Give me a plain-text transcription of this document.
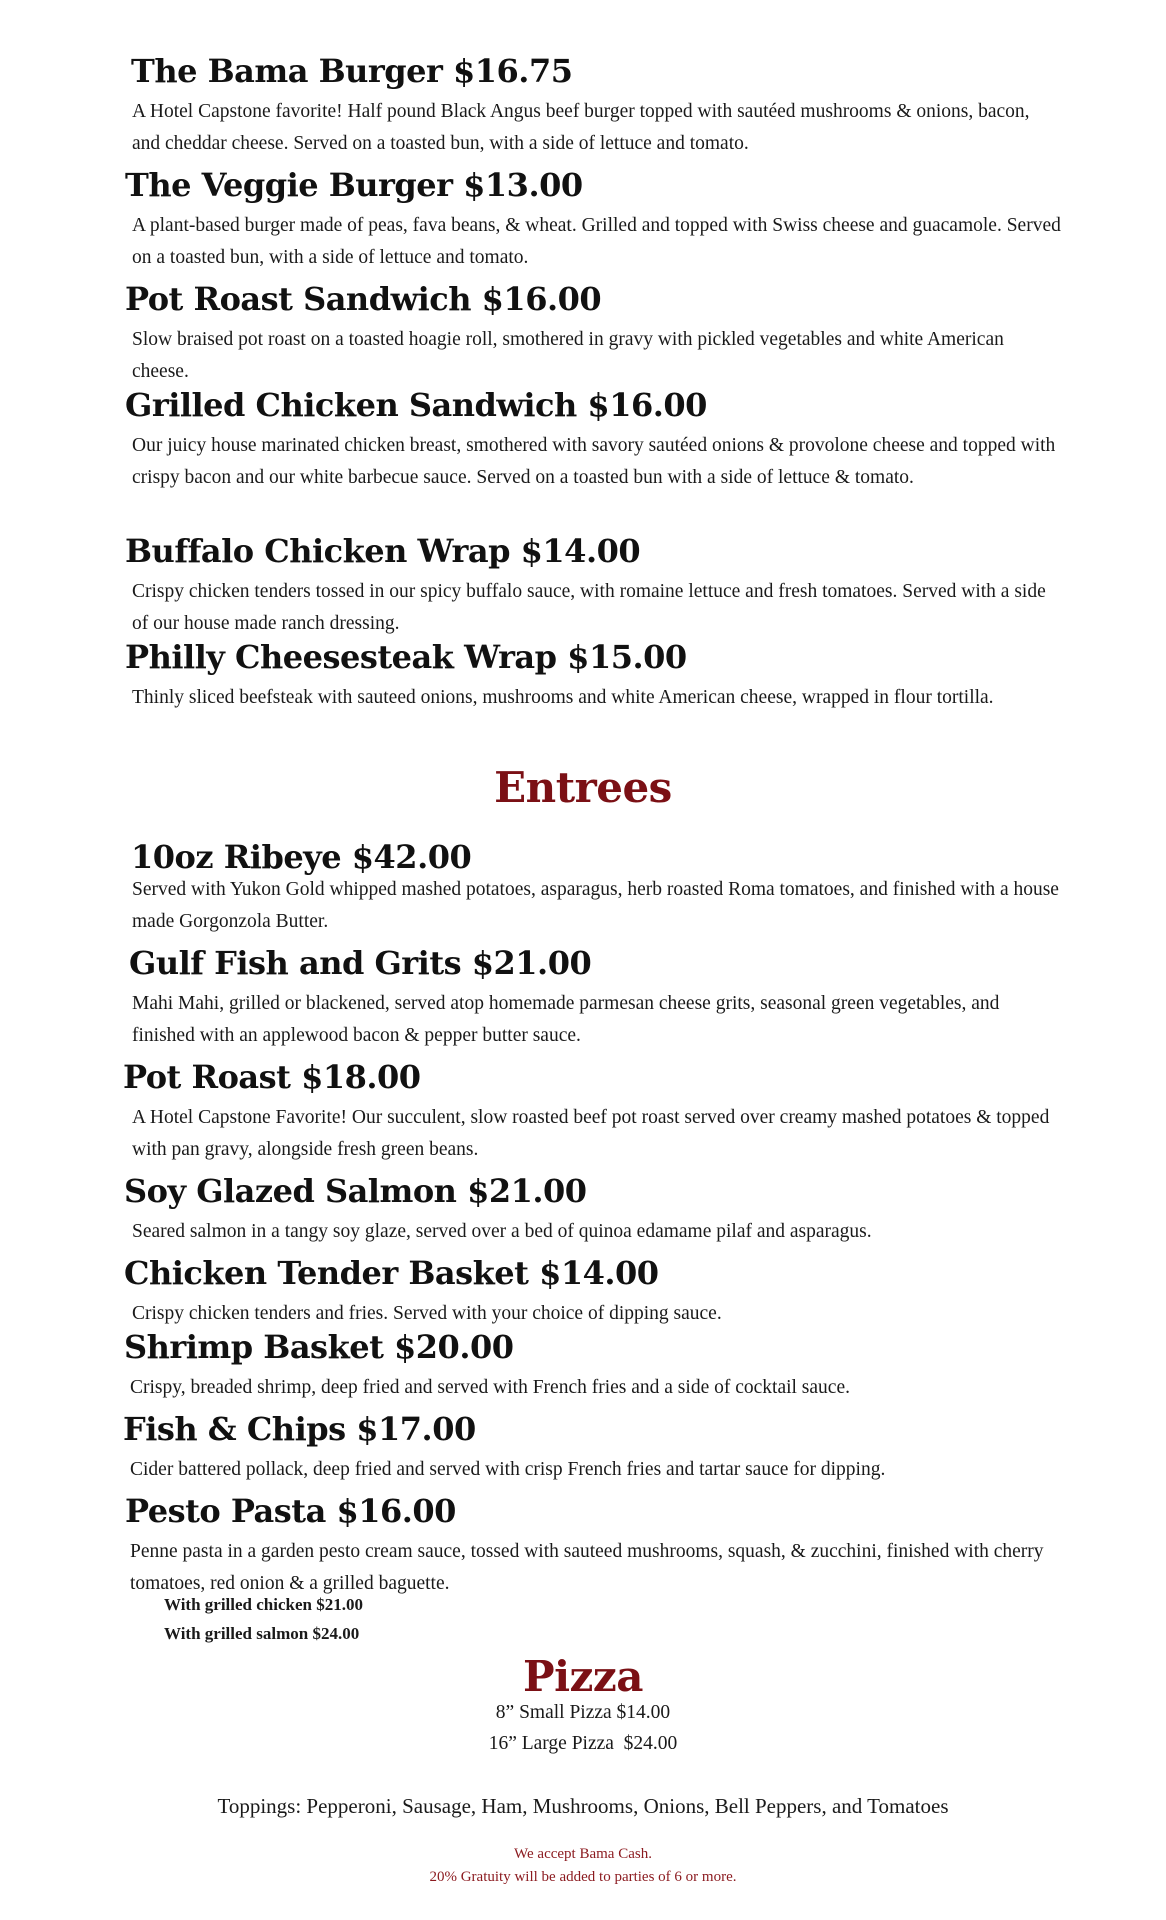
The Bama Burger $16.75

A Hotel Capstone favorite! Half pound Black Angus beef burger topped with sautéed mushrooms & onions, bacon, and cheddar cheese. Served on a toasted bun, with a side of lettuce and tomato.

The Veggie Burger $13.00

A plant-based burger made of peas, fava beans, & wheat. Grilled and topped with Swiss cheese and guacamole. Served on a toasted bun, with a side of lettuce and tomato.

Pot Roast Sandwich $16.00

Slow braised pot roast on a toasted hoagie roll, smothered in gravy with pickled vegetables and white American cheese.

Grilled Chicken Sandwich $16.00

Our juicy house marinated chicken breast, smothered with savory sautéed onions & provolone cheese and topped with crispy bacon and our white barbecue sauce. Served on a toasted bun with a side of lettuce & tomato.

Buffalo Chicken Wrap $14.00

Crispy chicken tenders tossed in our spicy buffalo sauce, with romaine lettuce and fresh tomatoes. Served with a side of our house made ranch dressing.

Philly Cheesesteak Wrap $15.00

Thinly sliced beefsteak with sauteed onions, mushrooms and white American cheese, wrapped in flour tortilla.

Entrees
10oz Ribeye $42.00

Served with Yukon Gold whipped mashed potatoes, asparagus, herb roasted Roma tomatoes, and finished with a house made Gorgonzola Butter.

Gulf Fish and Grits $21.00

Mahi Mahi, grilled or blackened, served atop homemade parmesan cheese grits, seasonal green vegetables, and finished with an applewood bacon & pepper butter sauce.

Pot Roast $18.00

A Hotel Capstone Favorite! Our succulent, slow roasted beef pot roast served over creamy mashed potatoes & topped with pan gravy, alongside fresh green beans.

Soy Glazed Salmon $21.00

Seared salmon in a tangy soy glaze, served over a bed of quinoa edamame pilaf and asparagus.

Chicken Tender Basket $14.00

Crispy chicken tenders and fries. Served with your choice of dipping sauce.

Shrimp Basket $20.00

Crispy, breaded shrimp, deep fried and served with French fries and a side of cocktail sauce.

Fish & Chips $17.00

Cider battered pollack, deep fried and served with crisp French fries and tartar sauce for dipping.

Pesto Pasta $16.00

Penne pasta in a garden pesto cream sauce, tossed with sauteed mushrooms, squash, & zucchini, finished with cherry tomatoes, red onion & a grilled baguette.

With grilled chicken $21.00

With grilled salmon $24.00

Pizza

8” Small Pizza $14.00

16” Large Pizza  $24.00

Toppings: Pepperoni, Sausage, Ham, Mushrooms, Onions, Bell Peppers, and Tomatoes

We accept Bama Cash.

20% Gratuity will be added to parties of 6 or more.
